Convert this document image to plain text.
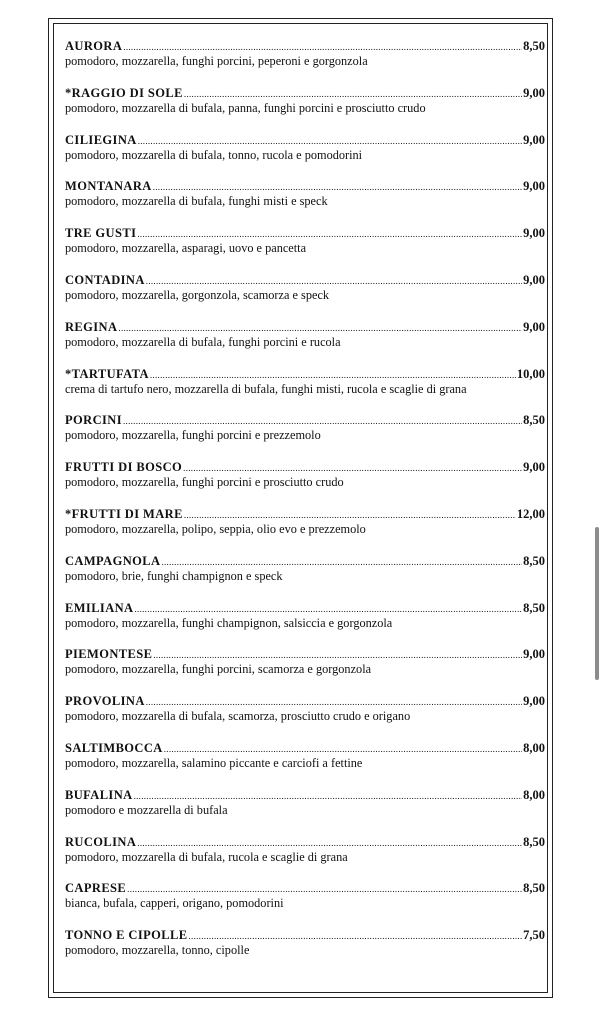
AURORA .....	8,50
pomodoro, mozzarella, funghi porcini, peperoni e gorgonzola
*RAGGIO DI SOLE .....	9,00
pomodoro, mozzarella di bufala, panna, funghi porcini e prosciutto crudo
CILIEGINA .....	9,00
pomodoro, mozzarella di bufala, tonno, rucola e pomodorini
MONTANARA .....	9,00
pomodoro, mozzarella di bufala, funghi misti e speck
TRE GUSTI .....	9,00
pomodoro, mozzarella, asparagi, uovo e pancetta
CONTADINA .....	9,00
pomodoro, mozzarella, gorgonzola, scamorza e speck
REGINA .....	9,00
pomodoro, mozzarella di bufala, funghi porcini e rucola
*TARTUFATA .....	10,00
crema di tartufo nero, mozzarella di bufala, funghi misti, rucola e scaglie di grana
PORCINI .....	8,50
pomodoro, mozzarella, funghi porcini e prezzemolo
FRUTTI DI BOSCO .....	9,00
pomodoro, mozzarella, funghi porcini e prosciutto crudo
*FRUTTI DI MARE .....	12,00
pomodoro, mozzarella, polipo, seppia, olio evo e prezzemolo
CAMPAGNOLA .....	8,50
pomodoro, brie, funghi champignon e speck
EMILIANA .....	8,50
pomodoro, mozzarella, funghi champignon, salsiccia e gorgonzola
PIEMONTESE .....	9,00
pomodoro, mozzarella, funghi porcini, scamorza e gorgonzola
PROVOLINA .....	9,00
pomodoro, mozzarella di bufala, scamorza, prosciutto crudo e origano
SALTIMBOCCA .....	8,00
pomodoro, mozzarella, salamino piccante e carciofi a fettine
BUFALINA .....	8,00
pomodoro e mozzarella di bufala
RUCOLINA .....	8,50
pomodoro, mozzarella di bufala, rucola e scaglie di grana
CAPRESE .....	8,50
bianca, bufala, capperi, origano, pomodorini
TONNO E CIPOLLE .....	7,50
pomodoro, mozzarella, tonno, cipolle
